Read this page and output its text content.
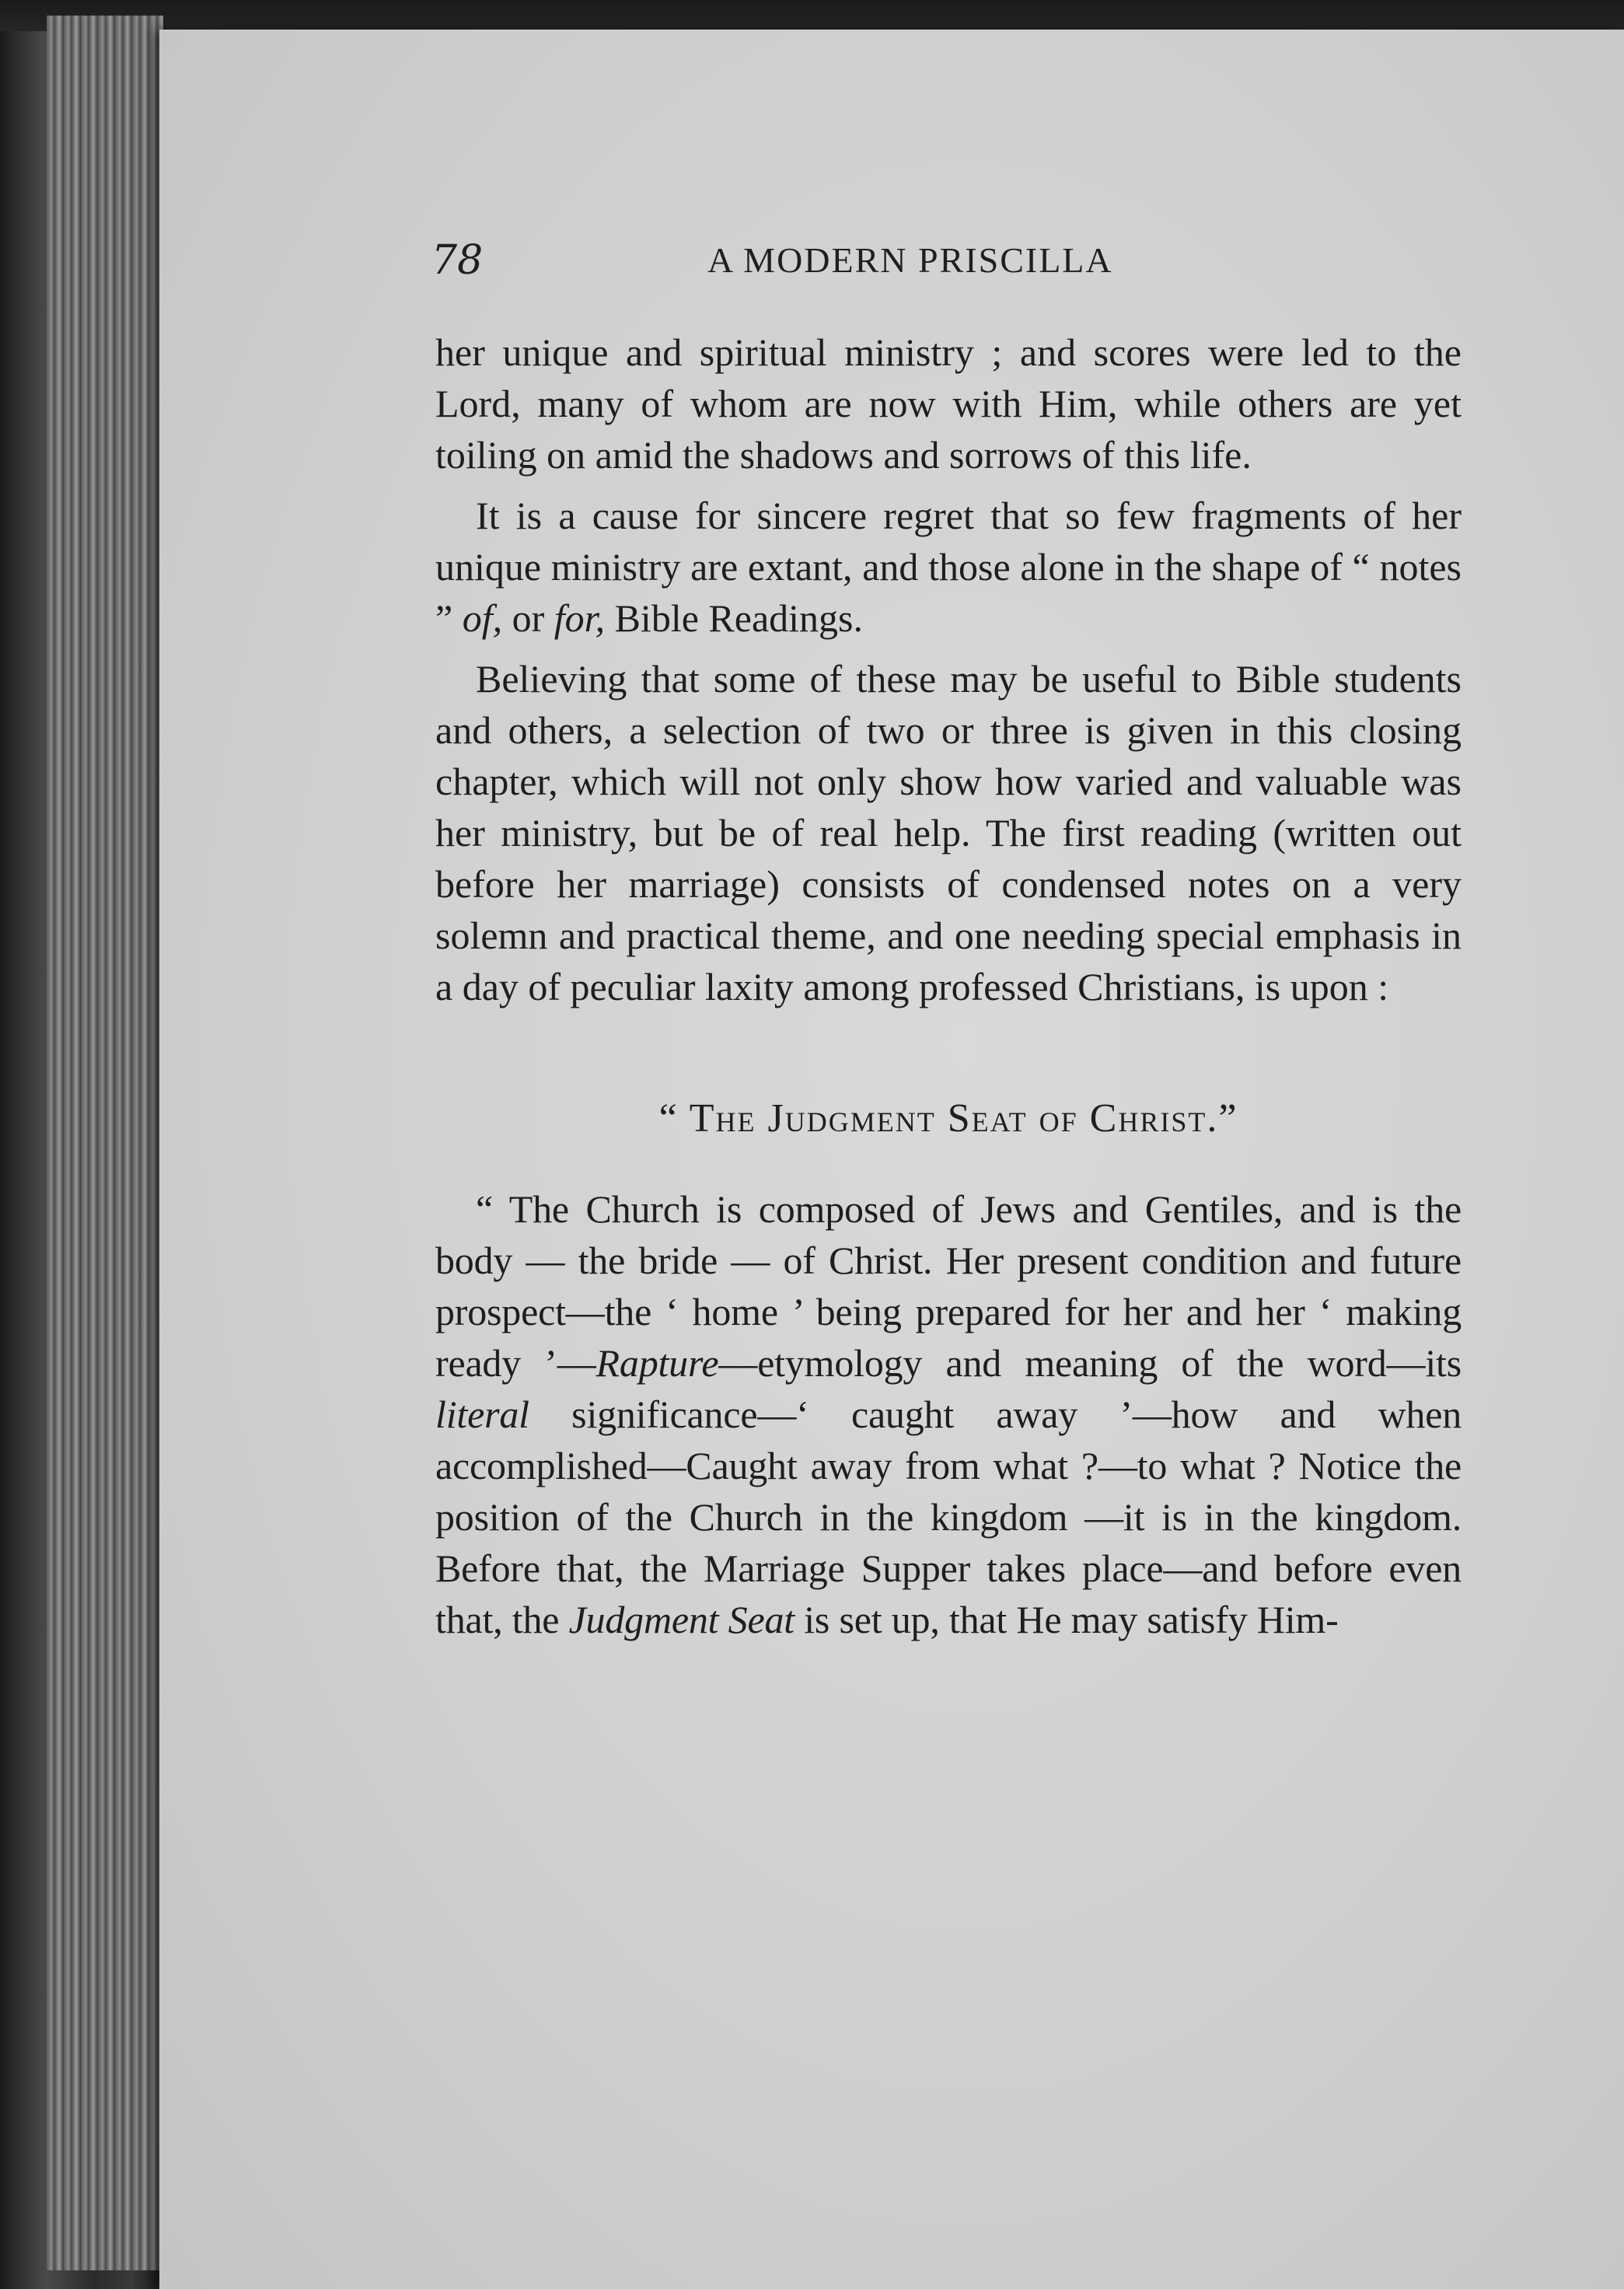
78	A MODERN PRISCILLA

her unique and spiritual ministry ; and scores were led to the Lord, many of whom are now with Him, while others are yet toiling on amid the shadows and sorrows of this life.

It is a cause for sincere regret that so few fragments of her unique ministry are extant, and those alone in the shape of “ notes ” of, or for, Bible Readings.

Believing that some of these may be useful to Bible students and others, a selection of two or three is given in this closing chapter, which will not only show how varied and valuable was her ministry, but be of real help. The first reading (written out before her marriage) consists of condensed notes on a very solemn and practical theme, and one needing special emphasis in a day of peculiar laxity among professed Christians, is upon :

“ The Judgment Seat of Christ.”

“ The Church is composed of Jews and Gentiles, and is the body — the bride — of Christ. Her present condition and future prospect—the ‘ home ’ being prepared for her and her ‘ making ready ’—Rapture—etymology and meaning of the word—its literal significance—‘ caught away ’—how and when accomplished—Caught away from what ?—to what ? Notice the position of the Church in the kingdom —it is in the kingdom. Before that, the Marriage Supper takes place—and before even that, the Judgment Seat is set up, that He may satisfy Him-
